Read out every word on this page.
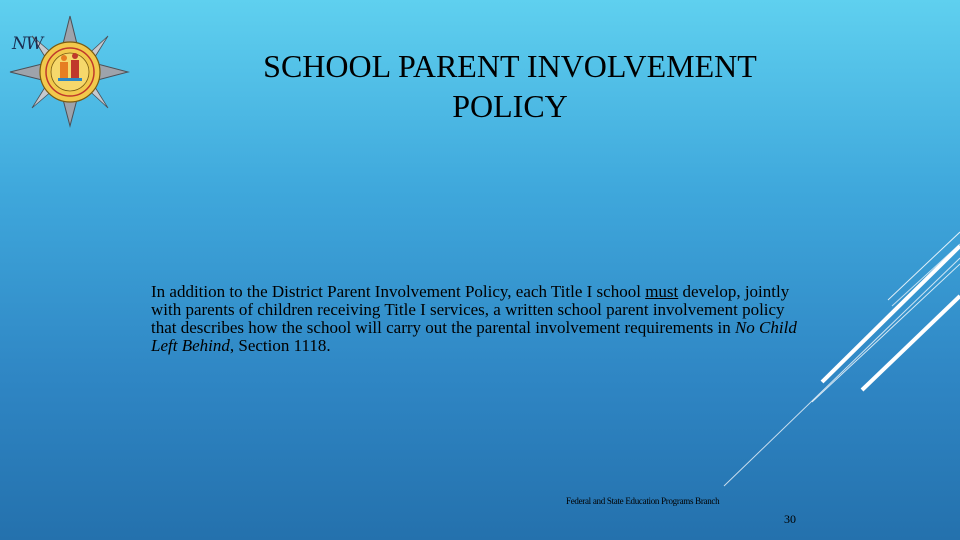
NW
SCHOOL PARENT INVOLVEMENT
POLICY

In addition to the District Parent Involvement Policy, each Title I school must develop, jointly with parents of children receiving Title I services, a written school parent involvement policy that describes how the school will carry out the parental involvement requirements in No Child Left Behind, Section 1118.

Federal and State Education Programs Branch
30
